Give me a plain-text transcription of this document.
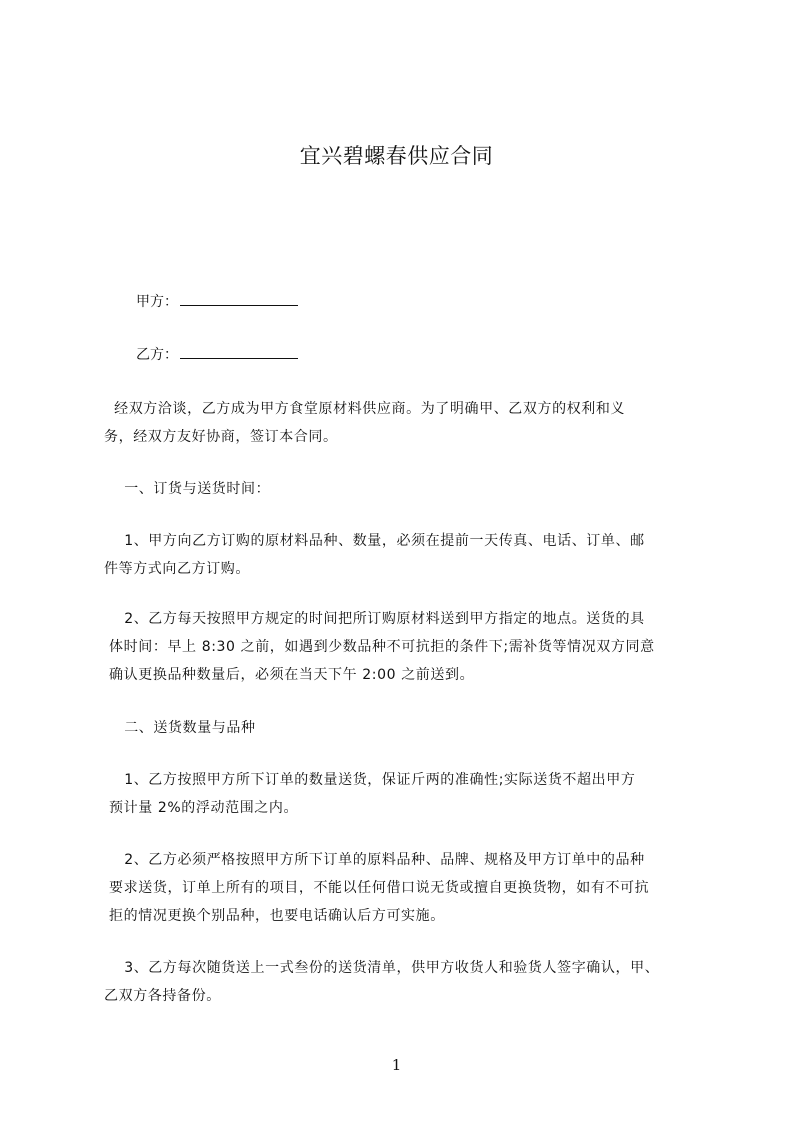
宜兴碧螺春供应合同
甲方：
乙方：
经双方洽谈，乙方成为甲方食堂原材料供应商。为了明确甲、乙双方的权利和义
务，经双方友好协商，签订本合同。
一、订货与送货时间：
1、甲方向乙方订购的原材料品种、数量，必须在提前一天传真、电话、订单、邮
件等方式向乙方订购。
2、乙方每天按照甲方规定的时间把所订购原材料送到甲方指定的地点。送货的具
体时间：早上 8:30 之前，如遇到少数品种不可抗拒的条件下;需补货等情况双方同意
确认更换品种数量后，必须在当天下午 2:00 之前送到。
二、送货数量与品种
1、乙方按照甲方所下订单的数量送货，保证斤两的准确性;实际送货不超出甲方
预计量 2%的浮动范围之内。
2、乙方必须严格按照甲方所下订单的原料品种、品牌、规格及甲方订单中的品种
要求送货，订单上所有的项目，不能以任何借口说无货或擅自更换货物，如有不可抗
拒的情况更换个别品种，也要电话确认后方可实施。
3、乙方每次随货送上一式叁份的送货清单，供甲方收货人和验货人签字确认，甲、
乙双方各持备份。
1
